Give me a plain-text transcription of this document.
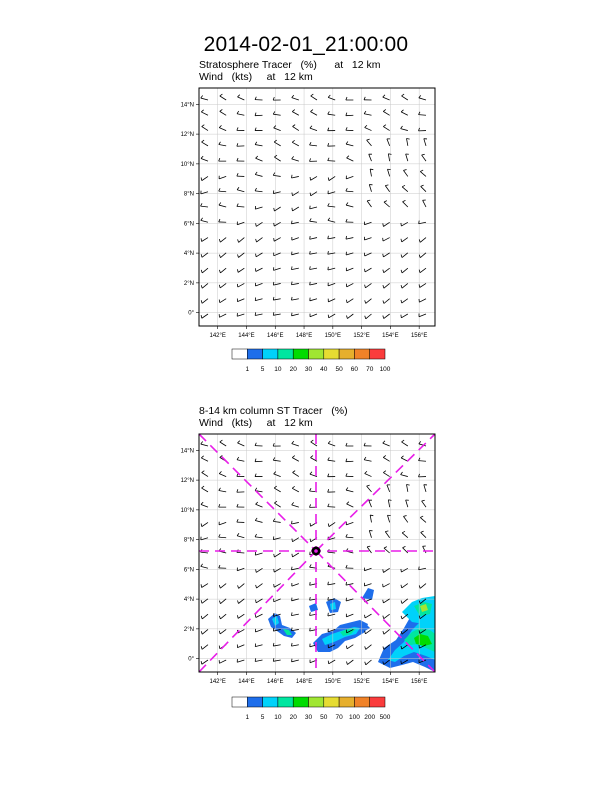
2014-02-01_21:00:00
Stratosphere Tracer   (%)      at   12 km
Wind   (kts)     at   12 km
8-14 km column ST Tracer   (%)
Wind   (kts)     at   12 km
14°N
12°N
10°N
8°N
6°N
4°N
2°N
0°
142°E 144°E 146°E 148°E 150°E 152°E 154°E 156°E
1 5 10 20 30 40 50 60 70 100
14°N
12°N
10°N
8°N
6°N
4°N
2°N
0°
142°E 144°E 146°E 148°E 150°E 152°E 154°E 156°E
1 5 10 20 30 50 70 100 200 500
